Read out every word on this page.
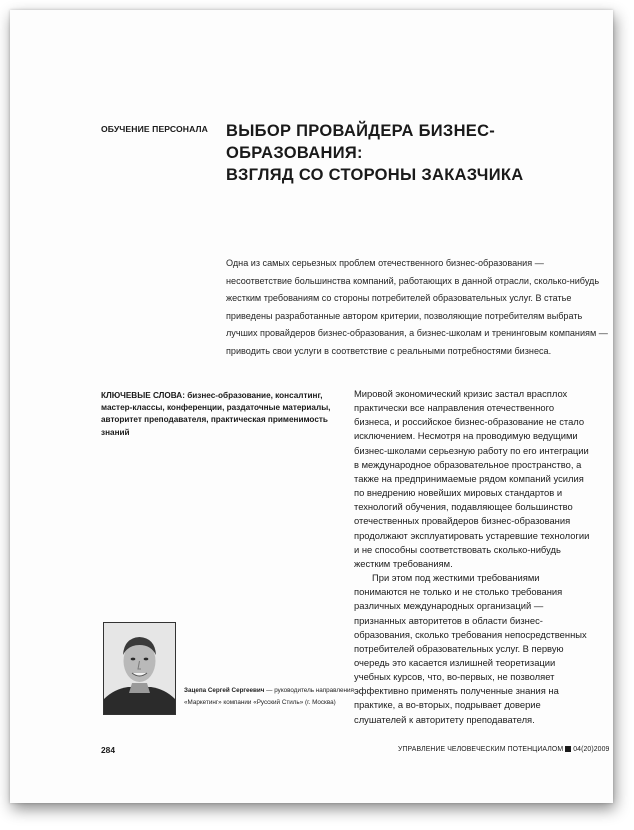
ОБУЧЕНИЕ ПЕРСОНАЛА ВЫБОР ПРОВАЙДЕРА БИЗНЕС-ОБРАЗОВАНИЯ:
ВЗГЛЯД СО СТОРОНЫ ЗАКАЗЧИКА

Одна из самых серьезных проблем отечественного бизнес-образования — несоответствие большинства компаний, работающих в данной отрасли, сколько-нибудь жестким требованиям со стороны потребителей образовательных услуг. В статье приведены разработанные автором критерии, позволяющие потребителям выбрать лучших провайдеров бизнес-образования, а бизнес-школам и тренинговым компаниям — приводить свои услуги в соответствие с реальными потребностями бизнеса.

КЛЮЧЕВЫЕ СЛОВА: бизнес-образование, консалтинг, мастер-классы, конференции, раздаточные материалы, авторитет преподавателя, практическая применимость знаний
Зацепа Сергей Сергеевич — руководитель направления «Маркетинг» компании «Русский Стиль» (г. Москва)

Мировой экономический кризис застал врасплох практически все направления отечественного бизнеса, и российское бизнес-образование не стало исключением. Несмотря на проводимую ведущими бизнес-школами серьезную работу по его интеграции в международное образовательное пространство, а также на предпринимаемые рядом компаний усилия по внедрению новейших мировых стандартов и технологий обучения, подавляющее большинство отечественных провайдеров бизнес-образования продолжают эксплуатировать устаревшие технологии и не способны соответствовать сколько-нибудь жестким требованиям.

При этом под жесткими требованиями понимаются не только и не столько требования различных международных организаций — признанных авторитетов в области бизнес-образования, сколько требования непосредственных потребителей образовательных услуг. В первую очередь это касается излишней теоретизации учебных курсов, что, во-первых, не позволяет эффективно применять полученные знания на практике, а во-вторых, подрывает доверие слушателей к авторитету преподавателя.

284	УПРАВЛЕНИЕ ЧЕЛОВЕЧЕСКИМ ПОТЕНЦИАЛОМ 04(20)2009
